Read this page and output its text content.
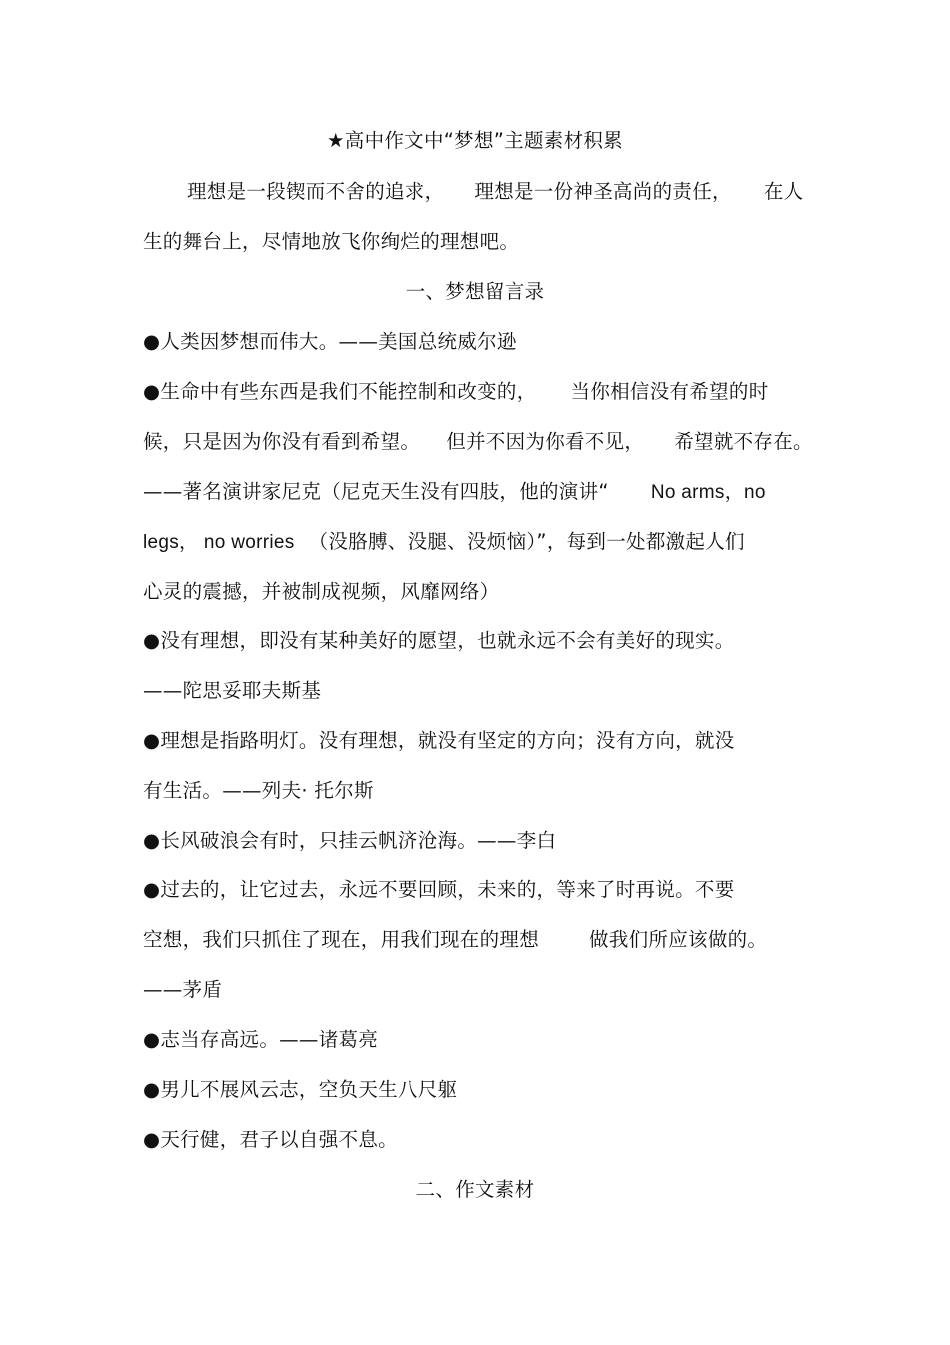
★高中作文中“梦想”主题素材积累
理想是一段锲而不舍的追求， 理想是一份神圣高尚的责任， 在人
生的舞台上，尽情地放飞你绚烂的理想吧。
一、梦想留言录
●人类因梦想而伟大。——美国总统威尔逊
●生命中有些东西是我们不能控制和改变的， 当你相信没有希望的时
候，只是因为你没有看到希望。 但并不因为你看不见， 希望就不存在。
——著名演讲家尼克（尼克天生没有四肢，他的演讲“ No arms，no
legs， no worries （没胳膊、没腿、没烦恼）”，每到一处都激起人们
心灵的震撼，并被制成视频，风靡网络）
●没有理想，即没有某种美好的愿望，也就永远不会有美好的现实。
——陀思妥耶夫斯基
●理想是指路明灯。没有理想，就没有坚定的方向；没有方向，就没
有生活。——列夫· 托尔斯
●长风破浪会有时，只挂云帆济沧海。——李白
●过去的，让它过去，永远不要回顾，未来的，等来了时再说。不要
空想，我们只抓住了现在，用我们现在的理想	做我们所应该做的。
——茅盾
●志当存高远。——诸葛亮
●男儿不展风云志，空负天生八尺躯
●天行健，君子以自强不息。
二、作文素材
